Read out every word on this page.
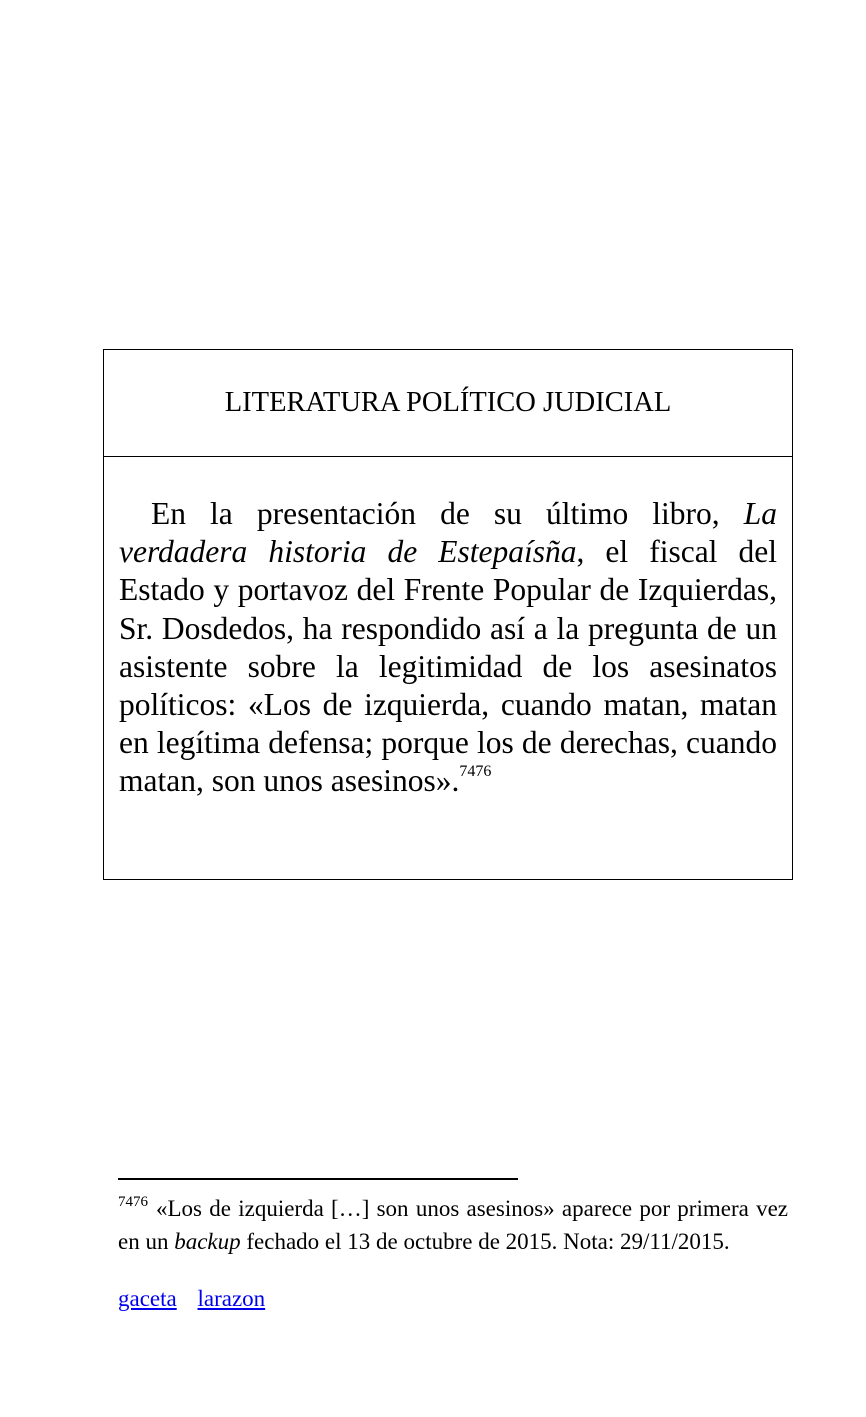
LITERATURA POLÍTICO JUDICIAL

En la presentación de su último libro, La verdadera historia de Estepaísña, el fiscal del Estado y portavoz del Frente Popular de Izquierdas, Sr. Dosdedos, ha respondido así a la pregunta de un asistente sobre la legitimidad de los asesinatos políticos: «Los de izquierda, cuando matan, matan en legítima defensa; porque los de derechas, cuando matan, son unos asesinos».$^{7476}$

$^{7476}$ «Los de izquierda […] son unos asesinos» aparece por primera vez en un backup fechado el 13 de octubre de 2015. Nota: 29/11/2015.

gaceta larazon
